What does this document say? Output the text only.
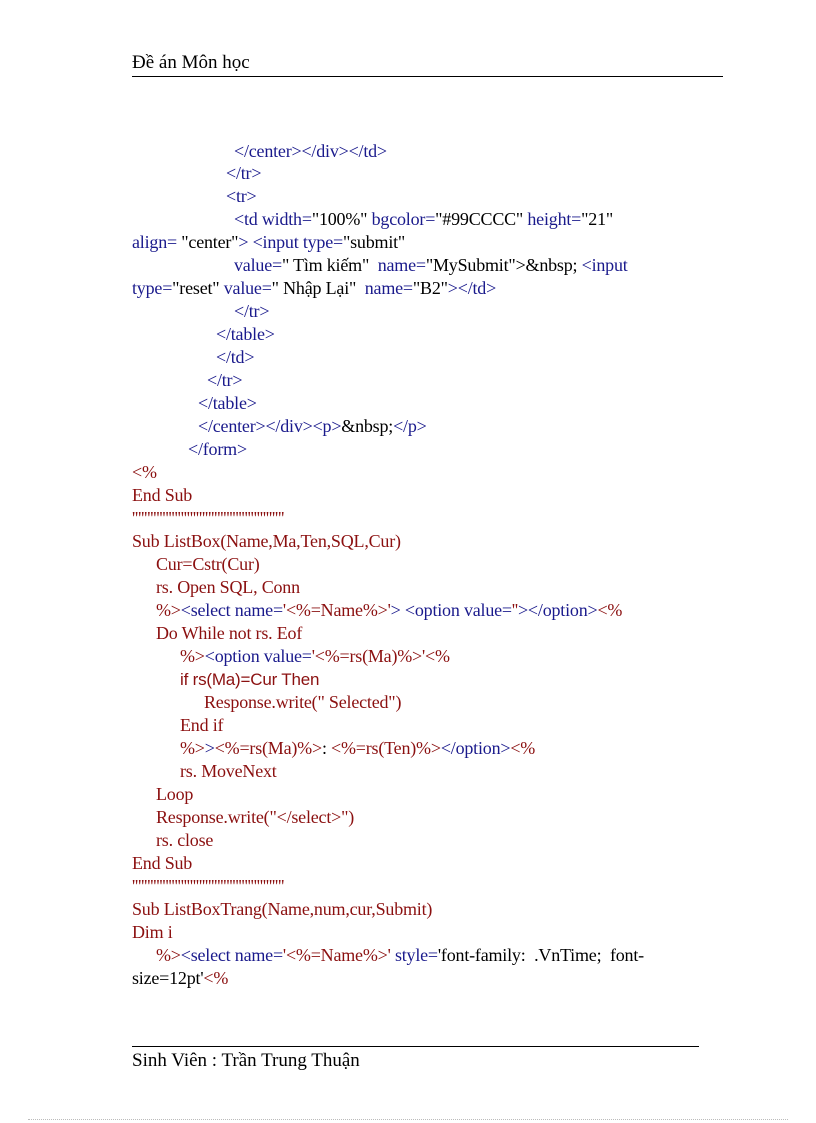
Đề án Môn học
</center></div></td>
</tr>
<tr>
<td width="100%" bgcolor="#99CCCC" height="21"
align= "center"> <input type="submit"
value=" Tìm kiếm"  name="MySubmit">&nbsp; <input
type="reset" value=" Nhập Lại"  name="B2"></td>
</tr>
</table>
</td>
</tr>
</table>
</center></div><p>&nbsp;</p>
</form>
<%
End Sub
''''''''''''''''''''''''''''''''''''''''''''''''''
Sub ListBox(Name,Ma,Ten,SQL,Cur)
Cur=Cstr(Cur)
rs. Open SQL, Conn
%><select name='<%=Name%>'> <option value=''></option><%
Do While not rs. Eof
%><option value='<%=rs(Ma)%>'<%
if rs(Ma)=Cur Then
Response.write(" Selected")
End if
%>><%=rs(Ma)%>: <%=rs(Ten)%></option><%
rs. MoveNext
Loop
Response.write("</select>")
rs. close
End Sub
''''''''''''''''''''''''''''''''''''''''''''''''''
Sub ListBoxTrang(Name,num,cur,Submit)
Dim i
%><select name='<%=Name%>' style='font-family:  .VnTime;  font-
size=12pt'<%
Sinh Viên : Trần Trung Thuận
